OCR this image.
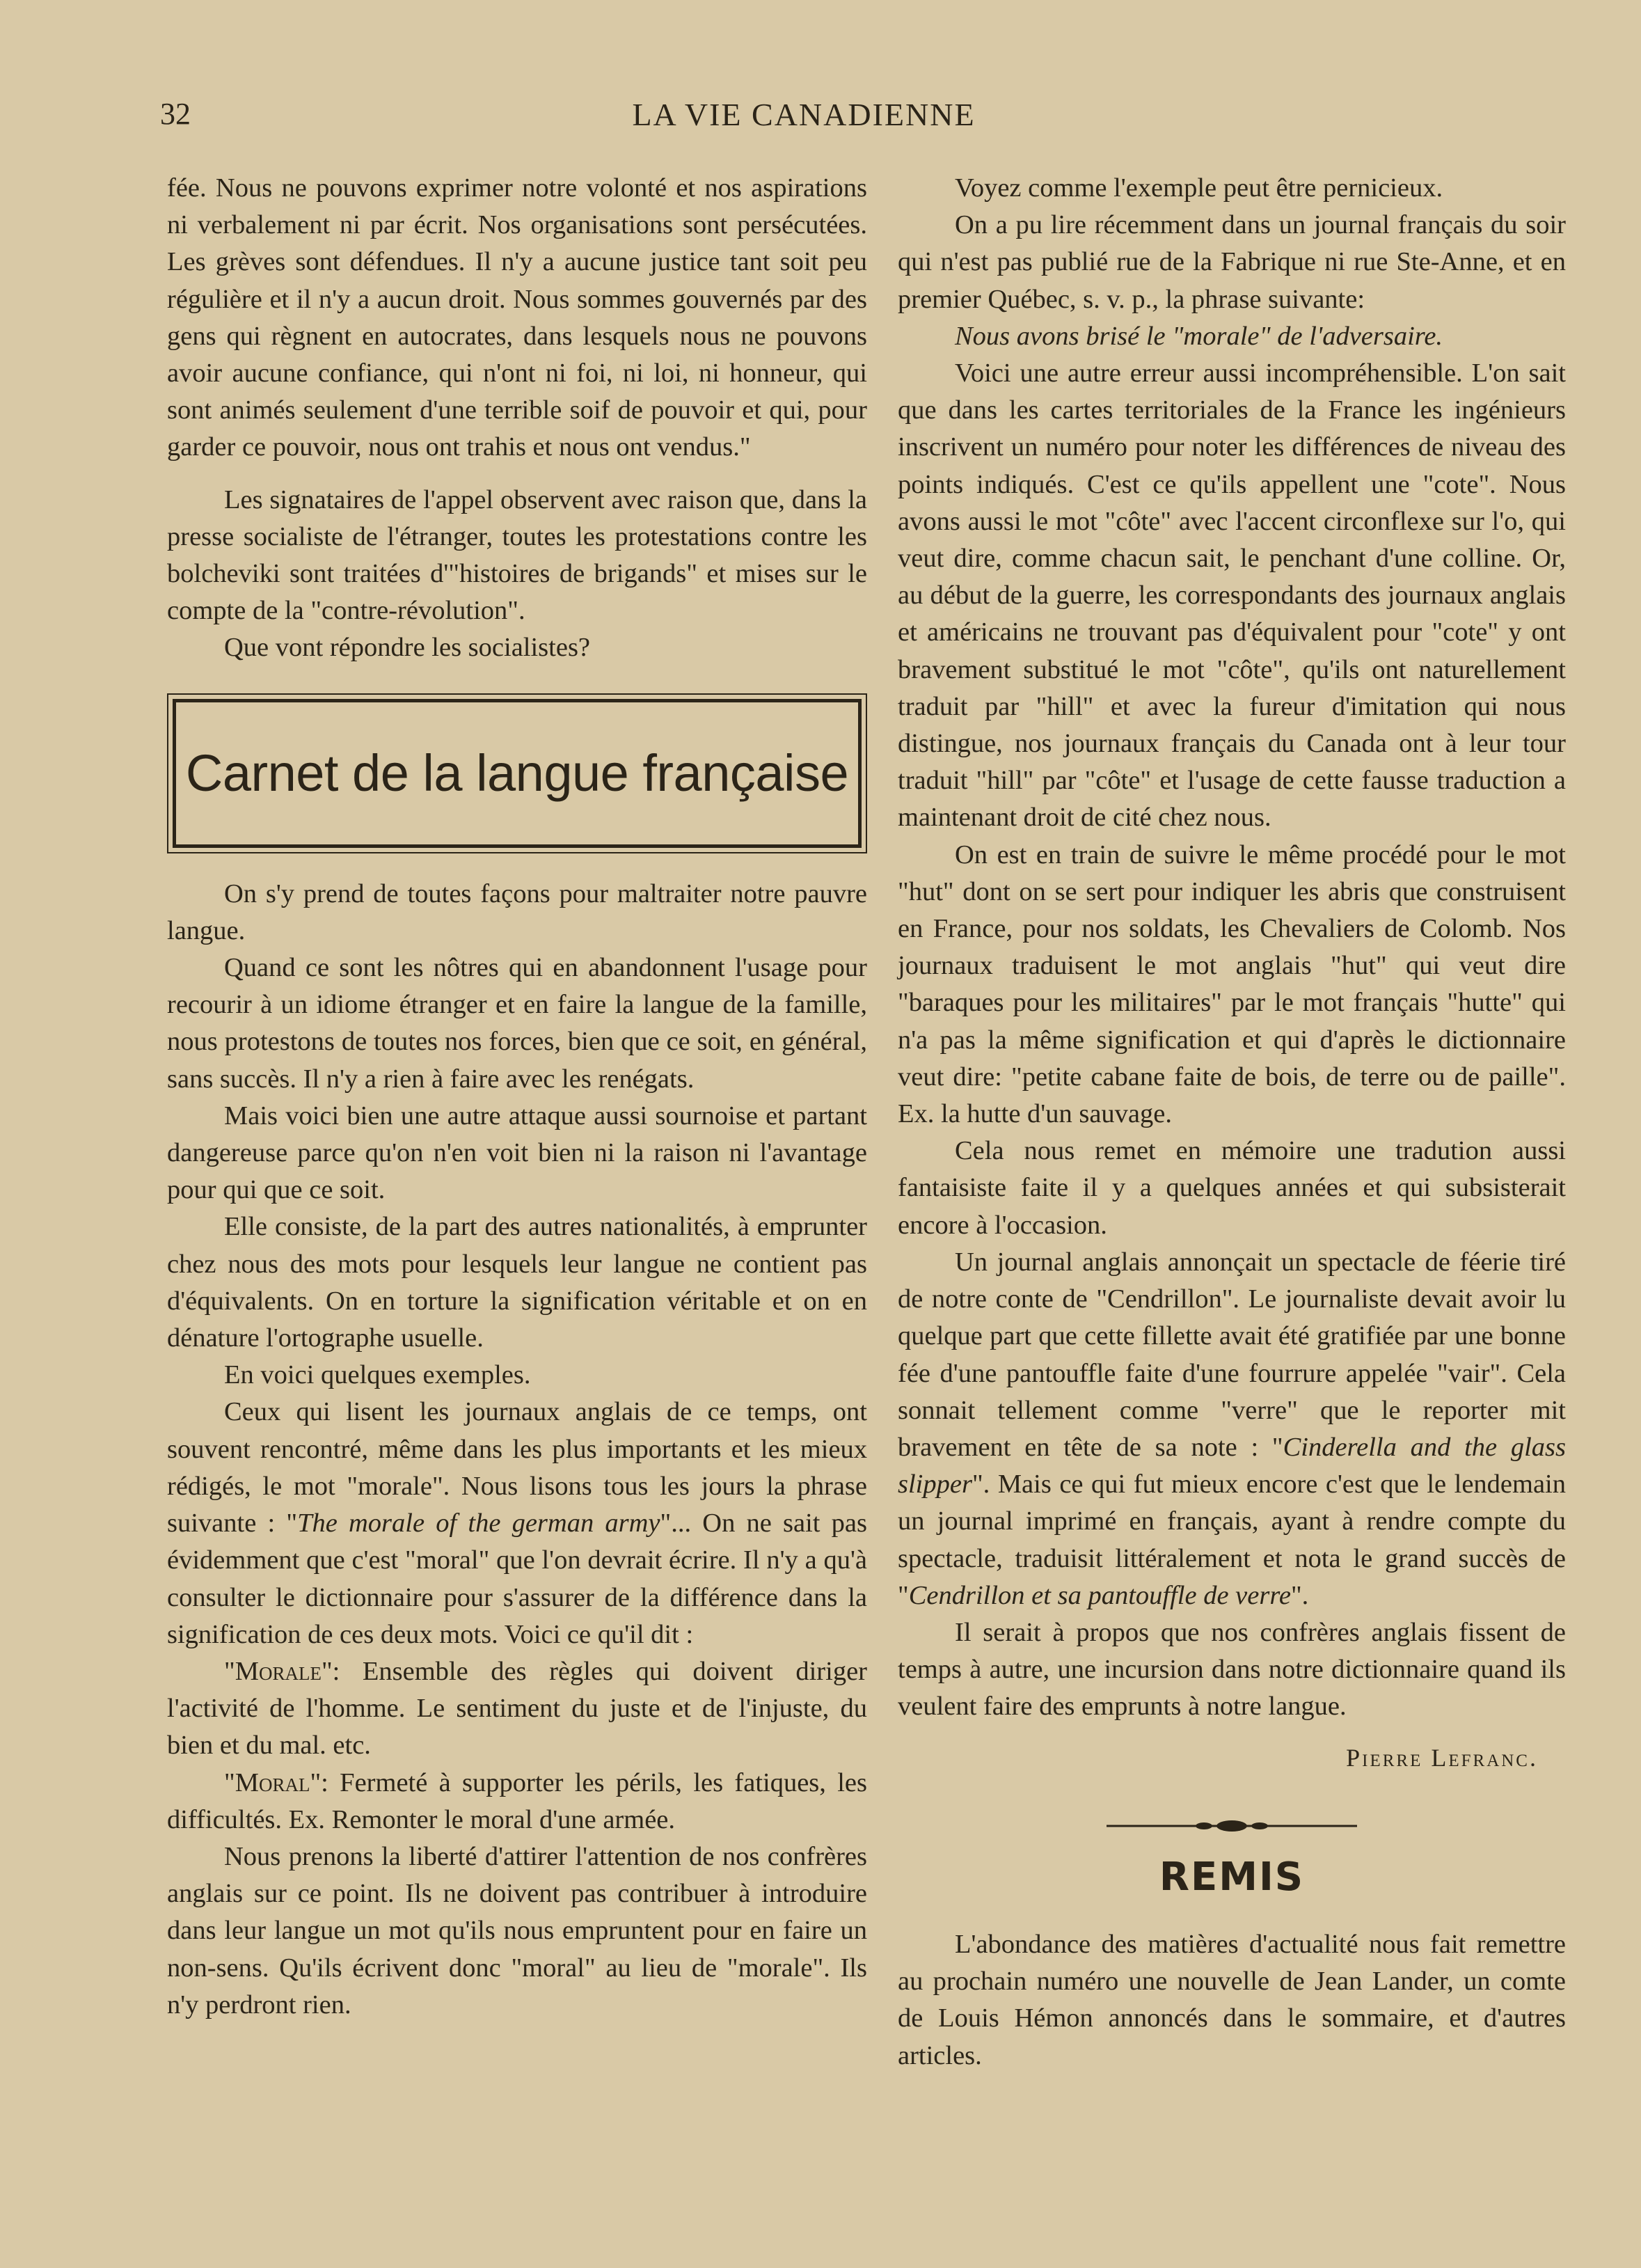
32	LA VIE CANADIENNE

fée. Nous ne pouvons exprimer notre volonté et nos aspirations ni verbalement ni par écrit. Nos organisations sont persécutées. Les grèves sont défendues. Il n'y a aucune justice tant soit peu régulière et il n'y a aucun droit. Nous sommes gouvernés par des gens qui règnent en autocrates, dans lesquels nous ne pouvons avoir aucune confiance, qui n'ont ni foi, ni loi, ni honneur, qui sont animés seulement d'une terrible soif de pouvoir et qui, pour garder ce pouvoir, nous ont trahis et nous ont vendus."

Les signataires de l'appel observent avec raison que, dans la presse socialiste de l'étranger, toutes les protestations contre les bolcheviki sont traitées d'"histoires de brigands" et mises sur le compte de la "contre-révolution".

Que vont répondre les socialistes?

Carnet de la langue française

On s'y prend de toutes façons pour maltraiter notre pauvre langue.

Quand ce sont les nôtres qui en abandonnent l'usage pour recourir à un idiome étranger et en faire la langue de la famille, nous protestons de toutes nos forces, bien que ce soit, en général, sans succès. Il n'y a rien à faire avec les renégats.

Mais voici bien une autre attaque aussi sournoise et partant dangereuse parce qu'on n'en voit bien ni la raison ni l'avantage pour qui que ce soit.

Elle consiste, de la part des autres nationalités, à emprunter chez nous des mots pour lesquels leur langue ne contient pas d'équivalents. On en torture la signification véritable et on en dénature l'ortographe usuelle.

En voici quelques exemples.

Ceux qui lisent les journaux anglais de ce temps, ont souvent rencontré, même dans les plus importants et les mieux rédigés, le mot "morale". Nous lisons tous les jours la phrase suivante : "The morale of the german army"... On ne sait pas évidemment que c'est "moral" que l'on devrait écrire. Il n'y a qu'à consulter le dictionnaire pour s'assurer de la différence dans la signification de ces deux mots. Voici ce qu'il dit :

"Morale": Ensemble des règles qui doivent diriger l'activité de l'homme. Le sentiment du juste et de l'injuste, du bien et du mal. etc.

"Moral": Fermeté à supporter les périls, les fatiques, les difficultés. Ex. Remonter le moral d'une armée.

Nous prenons la liberté d'attirer l'attention de nos confrères anglais sur ce point. Ils ne doivent pas contribuer à introduire dans leur langue un mot qu'ils nous empruntent pour en faire un non-sens. Qu'ils écrivent donc "moral" au lieu de "morale". Ils n'y perdront rien.

Voyez comme l'exemple peut être pernicieux.

On a pu lire récemment dans un journal français du soir qui n'est pas publié rue de la Fabrique ni rue Ste-Anne, et en premier Québec, s. v. p., la phrase suivante:

Nous avons brisé le "morale" de l'adversaire.

Voici une autre erreur aussi incompréhensible. L'on sait que dans les cartes territoriales de la France les ingénieurs inscrivent un numéro pour noter les différences de niveau des points indiqués. C'est ce qu'ils appellent une "cote". Nous avons aussi le mot "côte" avec l'accent circonflexe sur l'o, qui veut dire, comme chacun sait, le penchant d'une colline. Or, au début de la guerre, les correspondants des journaux anglais et américains ne trouvant pas d'équivalent pour "cote" y ont bravement substitué le mot "côte", qu'ils ont naturellement traduit par "hill" et avec la fureur d'imitation qui nous distingue, nos journaux français du Canada ont à leur tour traduit "hill" par "côte" et l'usage de cette fausse traduction a maintenant droit de cité chez nous.

On est en train de suivre le même procédé pour le mot "hut" dont on se sert pour indiquer les abris que construisent en France, pour nos soldats, les Chevaliers de Colomb. Nos journaux traduisent le mot anglais "hut" qui veut dire "baraques pour les militaires" par le mot français "hutte" qui n'a pas la même signification et qui d'après le dictionnaire veut dire: "petite cabane faite de bois, de terre ou de paille". Ex. la hutte d'un sauvage.

Cela nous remet en mémoire une tradution aussi fantaisiste faite il y a quelques années et qui subsisterait encore à l'occasion.

Un journal anglais annonçait un spectacle de féerie tiré de notre conte de "Cendrillon". Le journaliste devait avoir lu quelque part que cette fillette avait été gratifiée par une bonne fée d'une pantouffle faite d'une fourrure appelée "vair". Cela sonnait tellement comme "verre" que le reporter mit bravement en tête de sa note : "Cinderella and the glass slipper". Mais ce qui fut mieux encore c'est que le lendemain un journal imprimé en français, ayant à rendre compte du spectacle, traduisit littéralement et nota le grand succès de "Cendrillon et sa pantouffle de verre".

Il serait à propos que nos confrères anglais fissent de temps à autre, une incursion dans notre dictionnaire quand ils veulent faire des emprunts à notre langue.

Pierre Lefranc.
REMIS

L'abondance des matières d'actualité nous fait remettre au prochain numéro une nouvelle de Jean Lander, un comte de Louis Hémon annoncés dans le sommaire, et d'autres articles.
